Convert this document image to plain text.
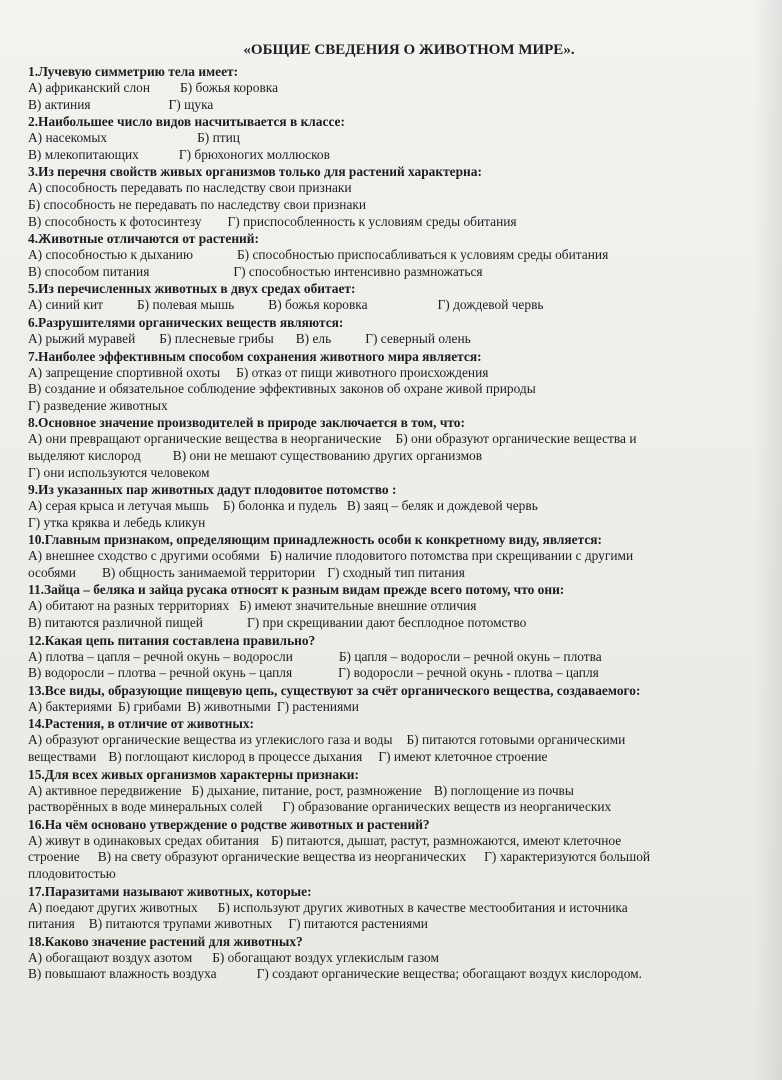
«ОБЩИЕ СВЕДЕНИЯ О ЖИВОТНОМ МИРЕ».
1.Лучевую симметрию тела имеет:
А) африканский слон Б) божья коровка
В) актиния	Г) щука
2.Наибольшее число видов насчитывается в классе:
А) насекомых	Б) птиц
В) млекопитающих	Г) брюхоногих моллюсков
3.Из перечня свойств живых организмов только для растений характерна:
А) способность передавать по наследству свои признаки
Б) способность не передавать по наследству свои признаки
В) способность к фотосинтезу Г) приспособленность к условиям среды обитания
4.Животные отличаются от растений:
А) способностью к дыханию	Б) способностью приспосабливаться к условиям среды обитания
В) способом питания	Г) способностью интенсивно размножаться
5.Из перечисленных животных в двух средах обитает:
А) синий кит	Б) полевая мышь	В) божья коровка	Г) дождевой червь
6.Разрушителями органических веществ являются:
А) рыжий муравей Б) плесневые грибы В) ель	Г) северный олень
7.Наиболее эффективным способом сохранения животного мира является:
А) запрещение спортивной охоты Б) отказ от пищи животного происхождения
В) создание и обязательное соблюдение эффективных законов об охране живой природы
Г) разведение животных
8.Основное значение производителей в природе заключается в том, что:
А) они превращают органические вещества в неорганические Б) они образуют органические вещества и
выделяют кислород В) они не мешают существованию других организмов
Г) они используются человеком
9.Из указанных пар животных дадут плодовитое потомство :
А) серая крыса и летучая мышь Б) болонка и пудель В) заяц – беляк и дождевой червь
Г) утка кряква и лебедь кликун
10.Главным признаком, определяющим принадлежность особи к конкретному виду, является:
А) внешнее сходство с другими особями Б) наличие плодовитого потомства при скрещивании с другими
особями В) общность занимаемой территории Г) сходный тип питания
11.Зайца – беляка и зайца русака относят к разным видам прежде всего потому, что они:
А) обитают на разных территориях Б) имеют значительные внешние отличия
В) питаются различной пищей	Г) при скрещивании дают бесплодное потомство
12.Какая цепь питания составлена правильно?
А) плотва – цапля – речной окунь – водоросли	Б) цапля – водоросли – речной окунь – плотва
В) водоросли – плотва – речной окунь – цапля	Г) водоросли – речной окунь - плотва – цапля
13.Все виды, образующие пищевую цепь, существуют за счёт органического вещества, создаваемого:
А) бактериями Б) грибами В) животными Г) растениями
14.Растения, в отличие от животных:
А) образуют органические вещества из углекислого газа и воды Б) питаются готовыми органическими
веществами В) поглощают кислород в процессе дыхания Г) имеют клеточное строение
15.Для всех живых организмов характерны признаки:
А) активное передвижение Б) дыхание, питание, рост, размножение В) поглощение из почвы
растворённых в воде минеральных солей Г) образование органических веществ из неорганических
16.На чём основано утверждение о родстве животных и растений?
А) живут в одинаковых средах обитания Б) питаются, дышат, растут, размножаются, имеют клеточное
строение В) на свету образуют органические вещества из неорганических Г) характеризуются большой
плодовитостью
17.Паразитами называют животных, которые:
А) поедают других животных Б) используют других животных в качестве местообитания и источника
питания В) питаются трупами животных Г) питаются растениями
18.Каково значение растений для животных?
А) обогащают воздух азотом Б) обогащают воздух углекислым газом
В) повышают влажность воздуха	Г) создают органические вещества; обогащают воздух кислородом.
